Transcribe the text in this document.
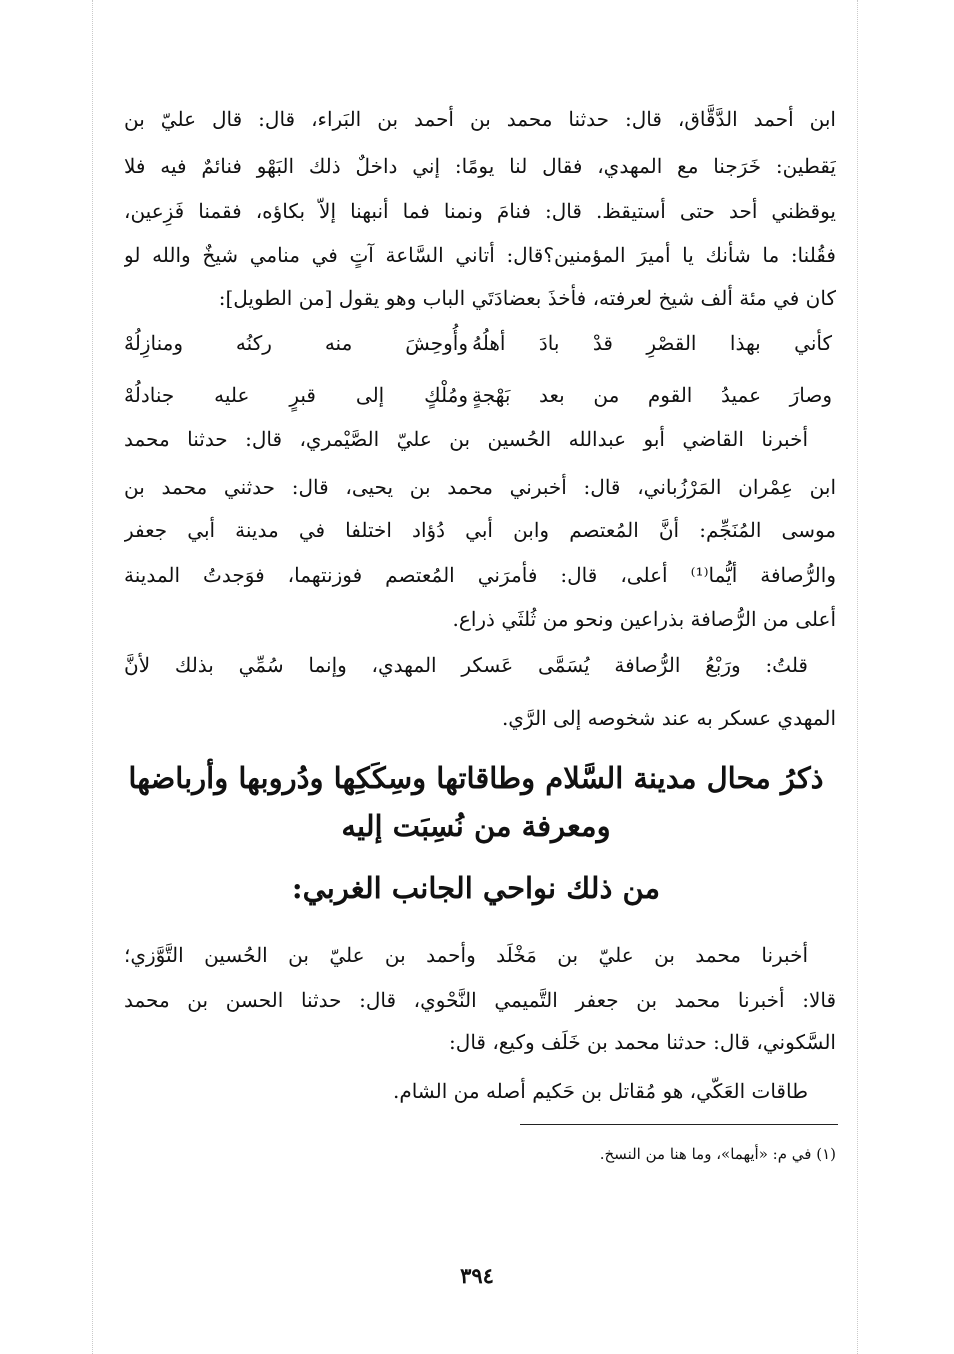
ابن أحمد الدَّقَّاق، قال: حدثنا محمد بن أحمد بن البَراء، قال: قال عليّ بن
يَقطين: خَرَجنا مع المهدي، فقال لنا يومًا: إني داخلٌ ذلك البَهْو فنائمٌ فيه فلا
يوقظني أحد حتى أستيقظ. قال: فنامَ ونمنا فما أنبهنا إلاّ بكاؤه، فقمنا فَزِعين،
فقُلنا: ما شأنك يا أميرَ المؤمنين؟قال: أتاني السَّاعة آتٍ في منامي شيخٌ والله لو
كان في مئة ألف شيخ لعرفته، فأخذَ بعضادَتَي الباب وهو يقول [من الطويل]:
كأني بهذا القصْرِ قدْ بادَ أهلُهُ
وأُوحِشَ منه ركنُه ومنازِلُهْ
وصارَ عميدُ القوم من بعد بَهْجةٍ
ومُلْكٍ إلى قبرٍ عليه جنادلُهْ
أخبرنا القاضي أبو عبدالله الحُسين بن عليّ الصَّيْمري، قال: حدثنا محمد
ابن عِمْران المَرْزُباني، قال: أخبرني محمد بن يحيى، قال: حدثني محمد بن
موسى المُنَجِّم: أنَّ المُعتصم وابن أبي دُؤاد اختلفا في مدينة أبي جعفر
والرُّصافة أيُّما⁽¹⁾ أعلى، قال: فأمرَني المُعتصم فوزنتهما، فوَجدتُ المدينة
أعلى من الرُّصافة بذراعين ونحو من ثُلثَي ذراع.
قلتُ: ورَبْعُ الرُّصافة يُسَمَّى عَسكر المهدي، وإنما سُمِّي بذلك لأنَّ
المهدي عسكر به عند شخوصه إلى الرَّي.
ذكرُ محال مدينة السَّلام وطاقاتها وسِكَكِها ودُروبها وأرباضها
ومعرفة من نُسِبَت إليه
من ذلك نواحي الجانب الغربي:
أخبرنا محمد بن عليّ بن مَخْلَد وأحمد بن عليّ بن الحُسين التَّوَّزي؛
قالا: أخبرنا محمد بن جعفر التَّميمي النَّحْوي، قال: حدثنا الحسن بن محمد
السَّكوني، قال: حدثنا محمد بن خَلَف وكيع، قال:
طاقات العَكّي، هو مُقاتل بن حَكيم أصله من الشام.
(١) في م: «أيهما»، وما هنا من النسخ.
٣٩٤
